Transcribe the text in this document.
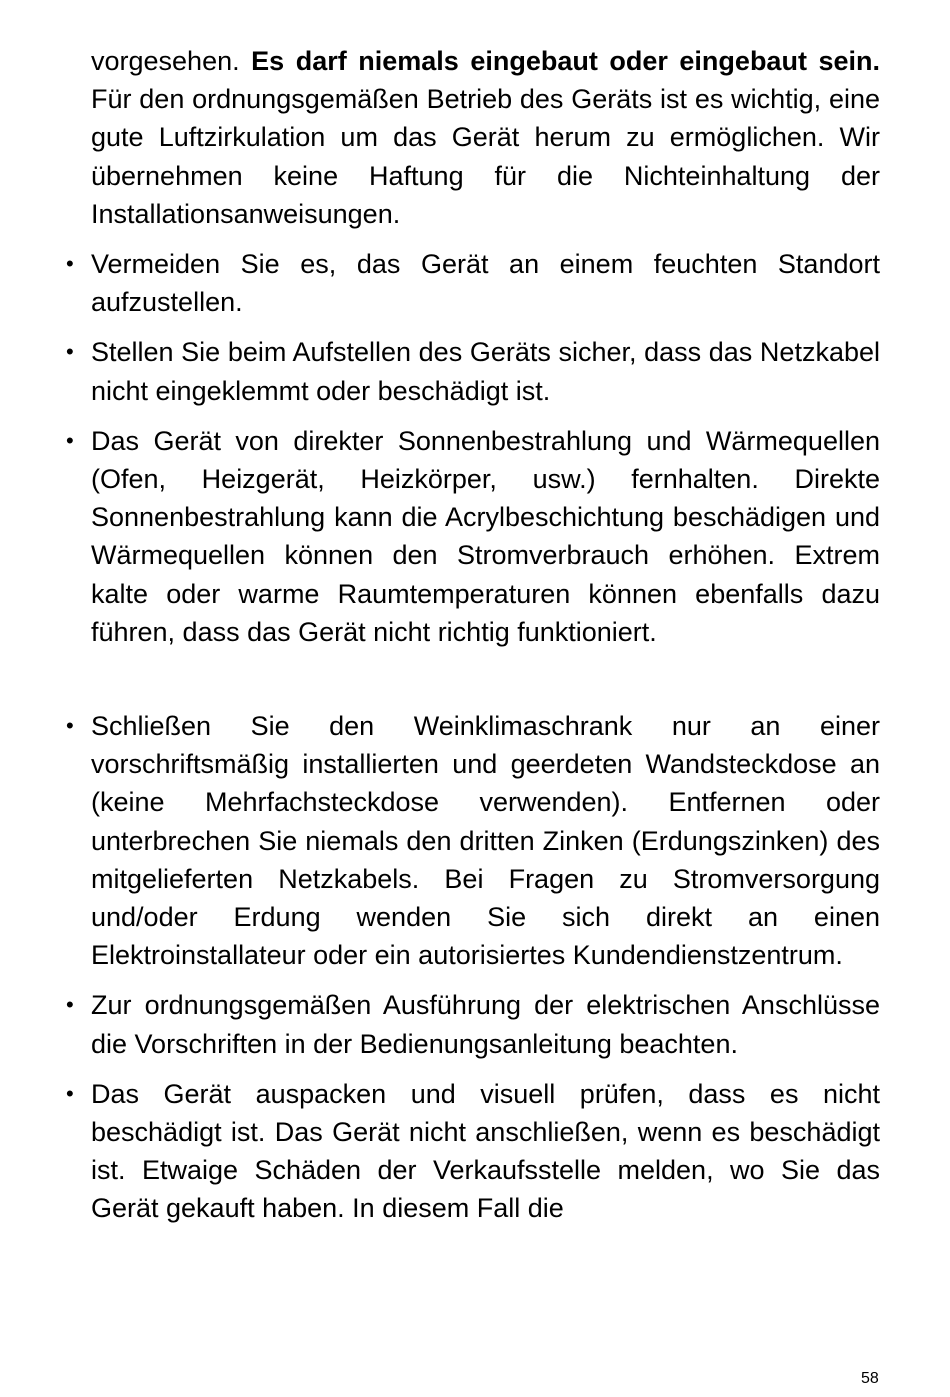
vorgesehen. Es darf niemals eingebaut oder eingebaut sein. Für den ordnungsgemäßen Betrieb des Geräts ist es wichtig, eine gute Luftzirkulation um das Gerät herum zu ermöglichen. Wir übernehmen keine Haftung für die Nichteinhaltung der Installationsanweisungen.

• Vermeiden Sie es, das Gerät an einem feuchten Standort aufzustellen.

• Stellen Sie beim Aufstellen des Geräts sicher, dass das Netzkabel nicht eingeklemmt oder beschädigt ist.

• Das Gerät von direkter Sonnenbestrahlung und Wärmequellen (Ofen, Heizgerät, Heizkörper, usw.) fernhalten. Direkte Sonnenbestrahlung kann die Acrylbeschichtung beschädigen und Wärmequellen können den Stromverbrauch erhöhen. Extrem kalte oder warme Raumtemperaturen können ebenfalls dazu führen, dass das Gerät nicht richtig funktioniert.

• Schließen Sie den Weinklimaschrank nur an einer vorschriftsmäßig installierten und geerdeten Wandsteckdose an (keine Mehrfachsteckdose verwenden). Entfernen oder unterbrechen Sie niemals den dritten Zinken (Erdungszinken) des mitgelieferten Netzkabels. Bei Fragen zu Stromversorgung und/oder Erdung wenden Sie sich direkt an einen Elektroinstallateur oder ein autorisiertes Kundendienstzentrum.

• Zur ordnungsgemäßen Ausführung der elektrischen Anschlüsse die Vorschriften in der Bedienungsanleitung beachten.

• Das Gerät auspacken und visuell prüfen, dass es nicht beschädigt ist. Das Gerät nicht anschließen, wenn es beschädigt ist. Etwaige Schäden der Verkaufsstelle melden, wo Sie das Gerät gekauft haben. In diesem Fall die

58
